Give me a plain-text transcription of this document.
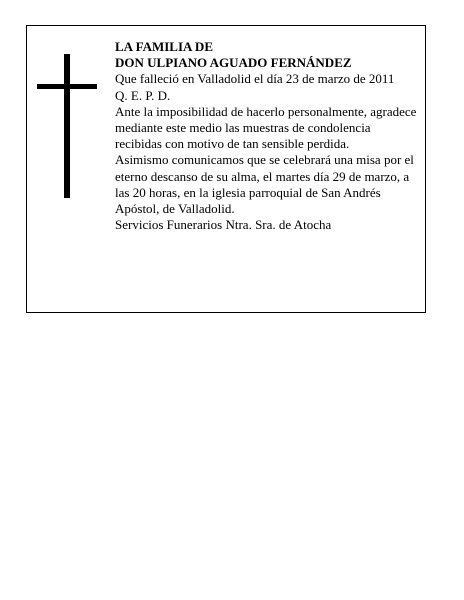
LA FAMILIA DE

DON ULPIANO AGUADO FERNÁNDEZ

Que falleció en Valladolid el día 23 de marzo de 2011

Q. E. P. D.

Ante la imposibilidad de hacerlo personalmente, agradece mediante este medio las muestras de condolencia recibidas con motivo de tan sensible perdida.

Asimismo comunicamos que se celebrará una misa por el eterno descanso de su alma, el martes día 29 de marzo, a las 20 horas, en la iglesia parroquial de San Andrés Apóstol, de Valladolid.

Servicios Funerarios Ntra. Sra. de Atocha
